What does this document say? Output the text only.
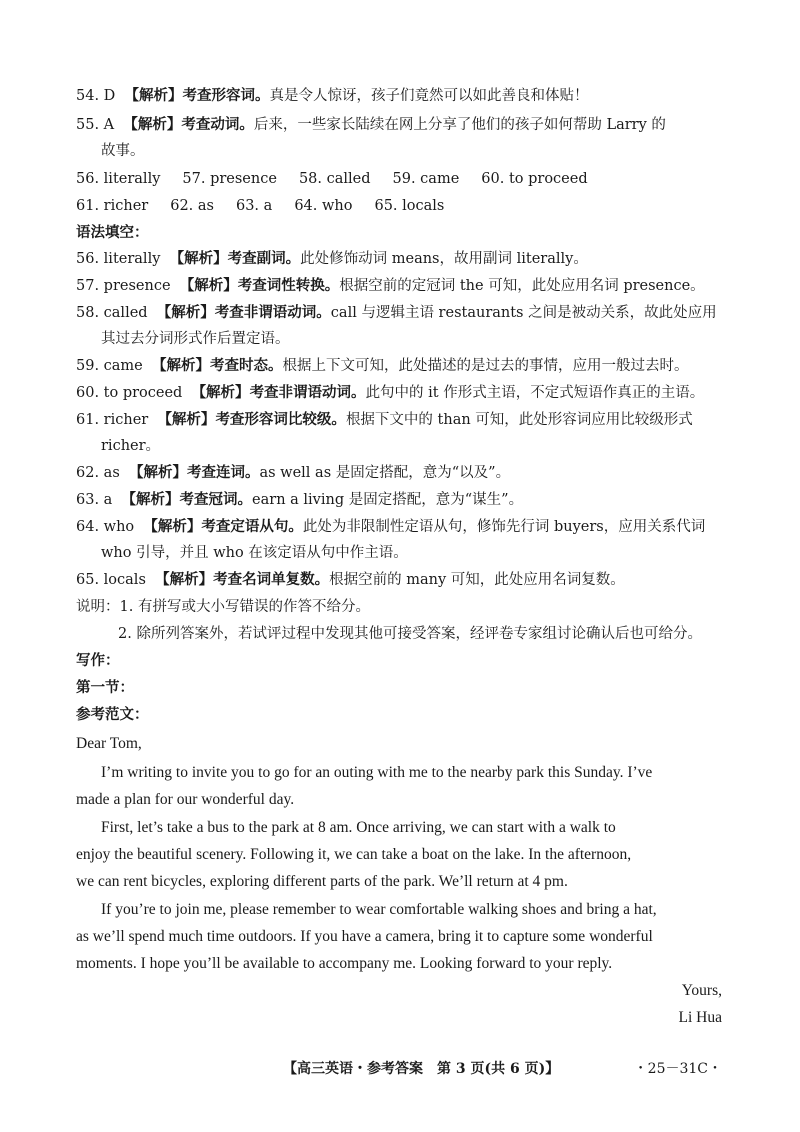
54. D 【解析】考查形容词。真是令人惊讶，孩子们竟然可以如此善良和体贴！
55. A 【解析】考查动词。后来，一些家长陆续在网上分享了他们的孩子如何帮助 Larry 的
故事。
56. literally 57. presence 58. called 59. came 60. to proceed
61. richer 62. as 63. a 64. who 65. locals
语法填空：
56. literally 【解析】考查副词。此处修饰动词 means，故用副词 literally。
57. presence 【解析】考查词性转换。根据空前的定冠词 the 可知，此处应用名词 presence。
58. called 【解析】考查非谓语动词。call 与逻辑主语 restaurants 之间是被动关系，故此处应用
其过去分词形式作后置定语。
59. came 【解析】考查时态。根据上下文可知，此处描述的是过去的事情，应用一般过去时。
60. to proceed 【解析】考查非谓语动词。此句中的 it 作形式主语，不定式短语作真正的主语。
61. richer 【解析】考查形容词比较级。根据下文中的 than 可知，此处形容词应用比较级形式
richer。
62. as 【解析】考查连词。as well as 是固定搭配，意为“以及”。
63. a 【解析】考查冠词。earn a living 是固定搭配，意为“谋生”。
64. who 【解析】考查定语从句。此处为非限制性定语从句，修饰先行词 buyers，应用关系代词
who 引导，并且 who 在该定语从句中作主语。
65. locals 【解析】考查名词单复数。根据空前的 many 可知，此处应用名词复数。
说明：1. 有拼写或大小写错误的作答不给分。
2. 除所列答案外，若试评过程中发现其他可接受答案，经评卷专家组讨论确认后也可给分。
写作：
第一节：
参考范文：
Dear Tom,
I’m writing to invite you to go for an outing with me to the nearby park this Sunday. I’ve
made a plan for our wonderful day.
First, let’s take a bus to the park at 8 am. Once arriving, we can start with a walk to
enjoy the beautiful scenery. Following it, we can take a boat on the lake. In the afternoon,
we can rent bicycles, exploring different parts of the park. We’ll return at 4 pm.
If you’re to join me, please remember to wear comfortable walking shoes and bring a hat,
as we’ll spend much time outdoors. If you have a camera, bring it to capture some wonderful
moments. I hope you’ll be available to accompany me. Looking forward to your reply.
Yours,
Li Hua
【高三英语・参考答案　第 3 页(共 6 页)】	・25－31C・
